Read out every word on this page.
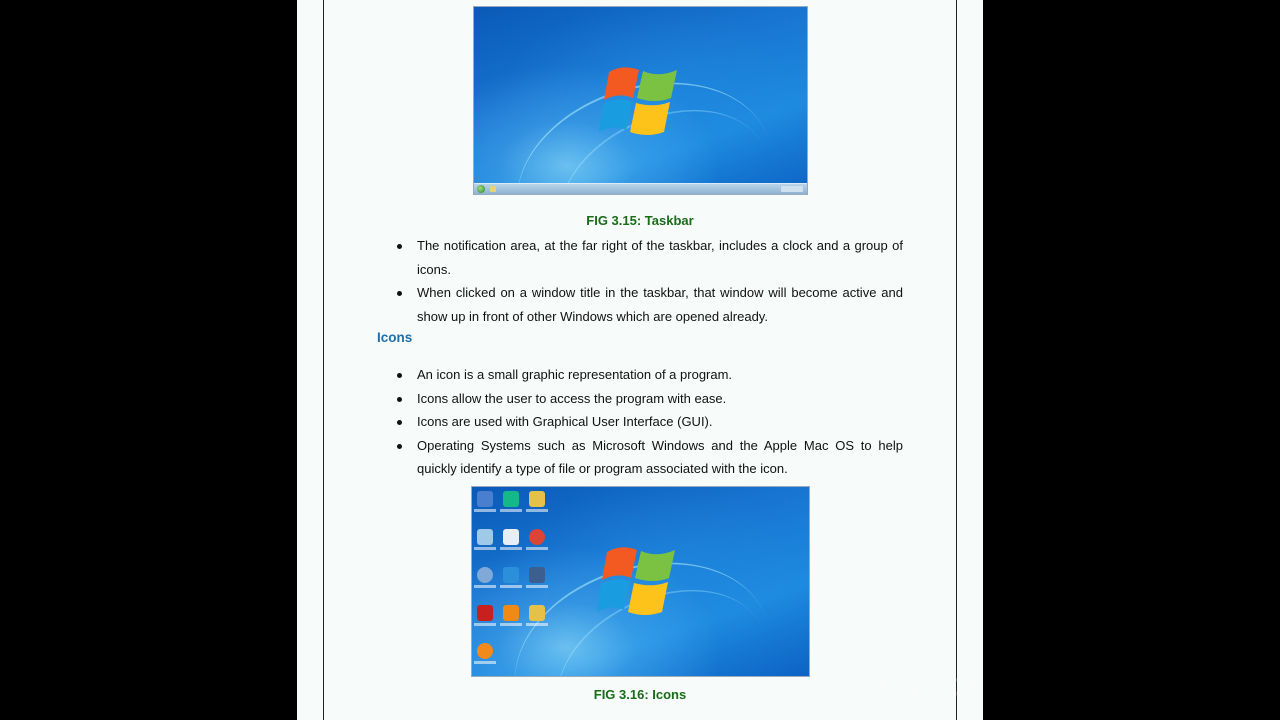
FIG 3.15: Taskbar
The notification area, at the far right of the taskbar, includes a clock and a group of icons.
When clicked on a window title in the taskbar, that window will become active and show up in front of other Windows which are opened already.
Icons
An icon is a small graphic representation of a program.
Icons allow the user to access the program with ease.
Icons are used with Graphical User Interface (GUI).
Operating Systems such as Microsoft Windows and the Apple Mac OS to help quickly identify a type of file or program associated with the icon.
FIG 3.16: Icons	InShot
